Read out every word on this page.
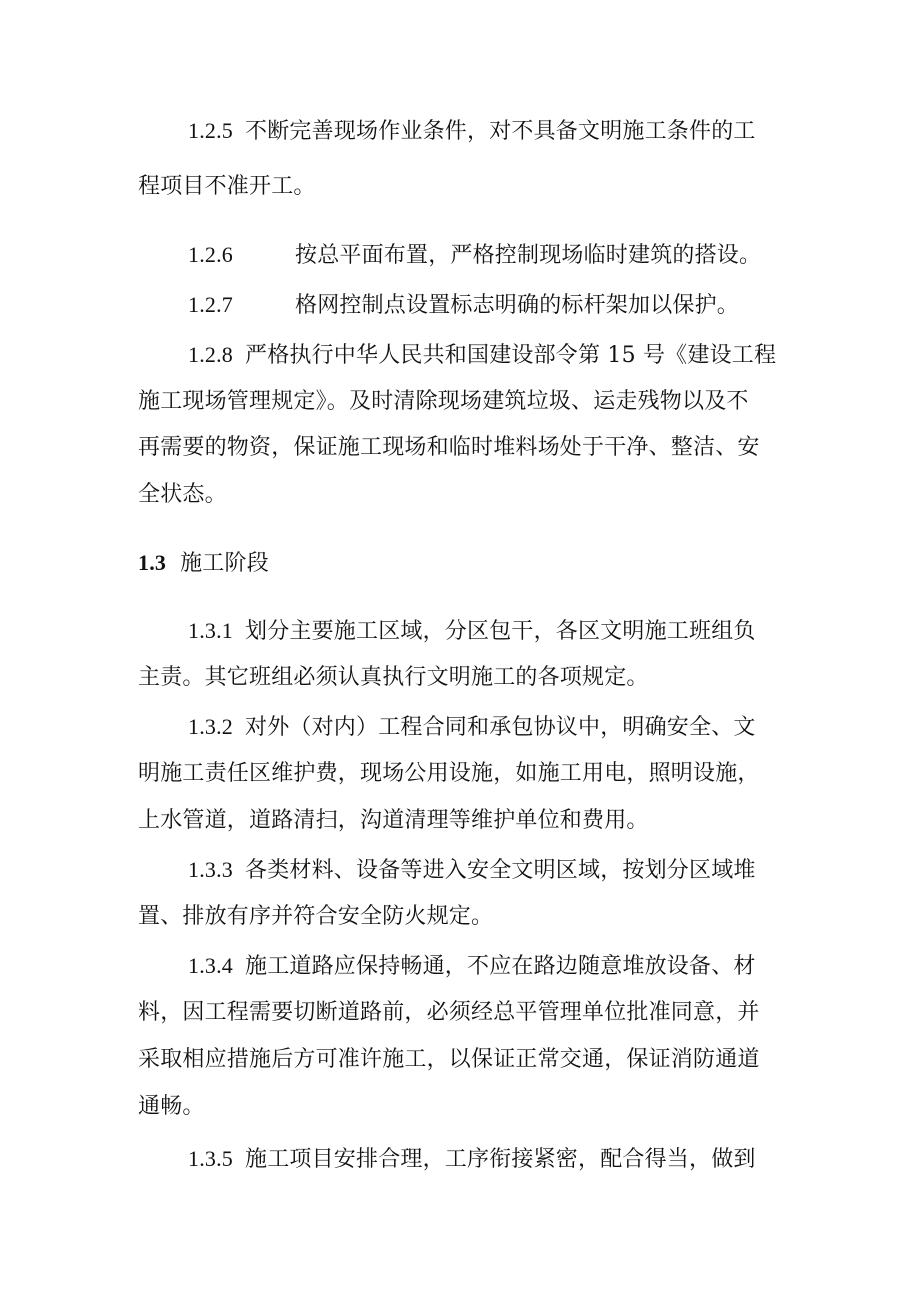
1.2.5 不断完善现场作业条件，对不具备文明施工条件的工
程项目不准开工。
1.2.6	按总平面布置，严格控制现场临时建筑的搭设。
1.2.7	格网控制点设置标志明确的标杆架加以保护。
1.2.8 严格执行中华人民共和国建设部令第 15 号《建设工程
施工现场管理规定》。及时清除现场建筑垃圾、运走残物以及不
再需要的物资，保证施工现场和临时堆料场处于干净、整洁、安
全状态。
1.3 施工阶段
1.3.1 划分主要施工区域，分区包干，各区文明施工班组负
主责。其它班组必须认真执行文明施工的各项规定。
1.3.2 对外（对内）工程合同和承包协议中，明确安全、文
明施工责任区维护费，现场公用设施，如施工用电，照明设施，
上水管道，道路清扫，沟道清理等维护单位和费用。
1.3.3 各类材料、设备等进入安全文明区域，按划分区域堆
置、排放有序并符合安全防火规定。
1.3.4 施工道路应保持畅通，不应在路边随意堆放设备、材
料，因工程需要切断道路前，必须经总平管理单位批准同意，并
采取相应措施后方可准许施工，以保证正常交通，保证消防通道
通畅。
1.3.5 施工项目安排合理，工序衔接紧密，配合得当，做到
